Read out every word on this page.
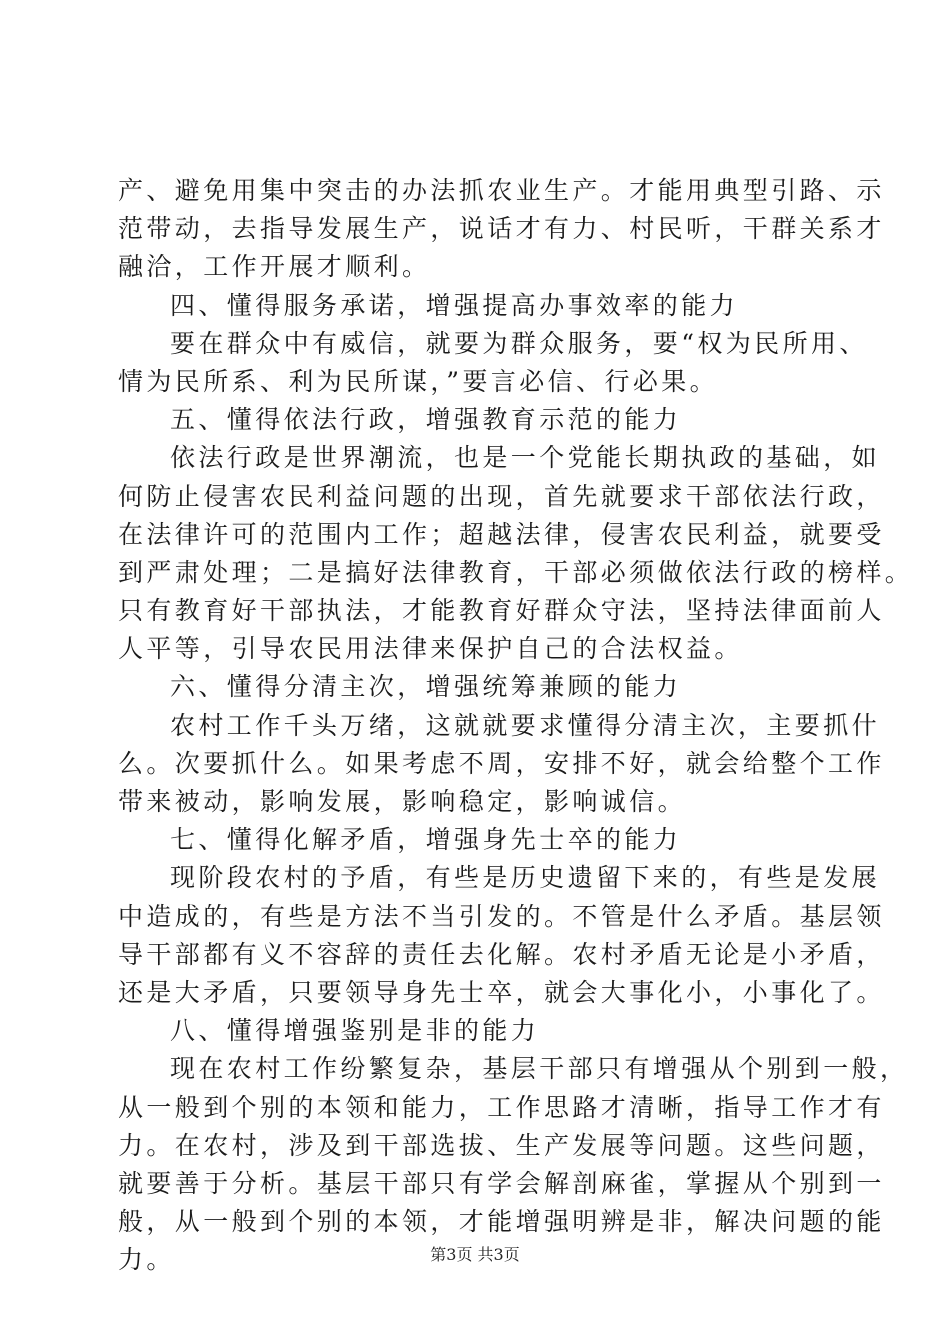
产、避免用集中突击的办法抓农业生产。才能用典型引路、示
范带动，去指导发展生产，说话才有力、村民听，干群关系才
融洽，工作开展才顺利。
四、懂得服务承诺，增强提高办事效率的能力
要在群众中有威信，就要为群众服务，要“权为民所用、
情为民所系、利为民所谋，”要言必信、行必果。
五、懂得依法行政，增强教育示范的能力
依法行政是世界潮流，也是一个党能长期执政的基础，如
何防止侵害农民利益问题的出现，首先就要求干部依法行政，
在法律许可的范围内工作；超越法律，侵害农民利益，就要受
到严肃处理；二是搞好法律教育，干部必须做依法行政的榜样。
只有教育好干部执法，才能教育好群众守法，坚持法律面前人
人平等，引导农民用法律来保护自己的合法权益。
六、懂得分清主次，增强统筹兼顾的能力
农村工作千头万绪，这就就要求懂得分清主次，主要抓什
么。次要抓什么。如果考虑不周，安排不好，就会给整个工作
带来被动，影响发展，影响稳定，影响诚信。
七、懂得化解矛盾，增强身先士卒的能力
现阶段农村的予盾，有些是历史遗留下来的，有些是发展
中造成的，有些是方法不当引发的。不管是什么矛盾。基层领
导干部都有义不容辞的责任去化解。农村矛盾无论是小矛盾，
还是大矛盾，只要领导身先士卒，就会大事化小，小事化了。
八、懂得增强鉴别是非的能力
现在农村工作纷繁复杂，基层干部只有增强从个别到一般，
从一般到个别的本领和能力，工作思路才清晰，指导工作才有
力。在农村，涉及到干部选拔、生产发展等问题。这些问题，
就要善于分析。基层干部只有学会解剖麻雀，掌握从个别到一
般，从一般到个别的本领，才能增强明辨是非，解决问题的能
力。	第3页 共3页
